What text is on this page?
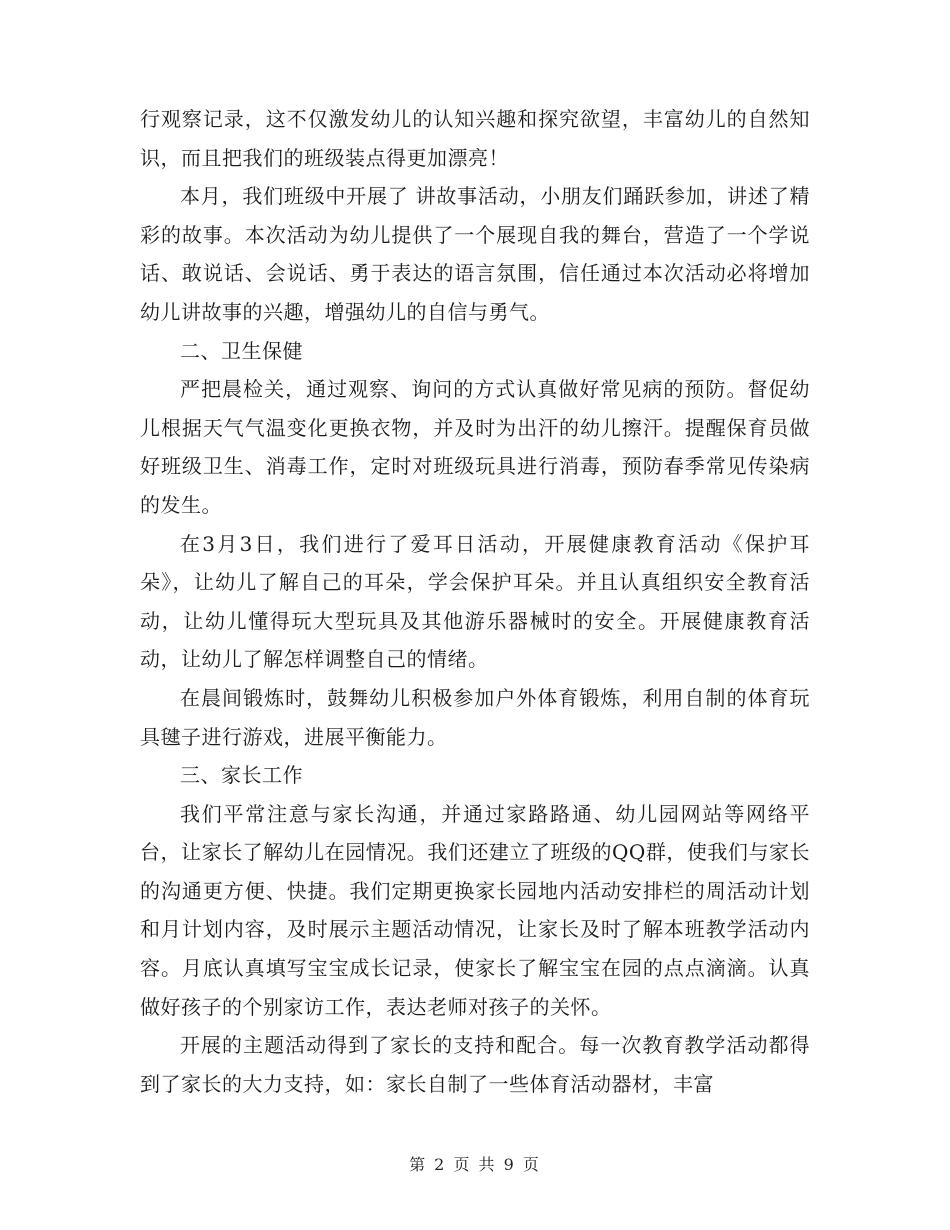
行观察记录，这不仅激发幼儿的认知兴趣和探究欲望，丰富幼儿的自然知识，而且把我们的班级装点得更加漂亮！

本月，我们班级中开展了 讲故事活动，小朋友们踊跃参加，讲述了精彩的故事。本次活动为幼儿提供了一个展现自我的舞台，营造了一个学说话、敢说话、会说话、勇于表达的语言氛围，信任通过本次活动必将增加幼儿讲故事的兴趣，增强幼儿的自信与勇气。

二、卫生保健

严把晨检关，通过观察、询问的方式认真做好常见病的预防。督促幼儿根据天气气温变化更换衣物，并及时为出汗的幼儿擦汗。提醒保育员做好班级卫生、消毒工作，定时对班级玩具进行消毒，预防春季常见传染病的发生。

在3月3日，我们进行了爱耳日活动，开展健康教育活动《保护耳朵》，让幼儿了解自己的耳朵，学会保护耳朵。并且认真组织安全教育活动，让幼儿懂得玩大型玩具及其他游乐器械时的安全。开展健康教育活动，让幼儿了解怎样调整自己的情绪。

在晨间锻炼时，鼓舞幼儿积极参加户外体育锻炼，利用自制的体育玩具毽子进行游戏，进展平衡能力。

三、家长工作

我们平常注意与家长沟通，并通过家路路通、幼儿园网站等网络平台，让家长了解幼儿在园情况。我们还建立了班级的QQ群，使我们与家长的沟通更方便、快捷。我们定期更换家长园地内活动安排栏的周活动计划和月计划内容，及时展示主题活动情况，让家长及时了解本班教学活动内容。月底认真填写宝宝成长记录，使家长了解宝宝在园的点点滴滴。认真做好孩子的个别家访工作，表达老师对孩子的关怀。

开展的主题活动得到了家长的支持和配合。每一次教育教学活动都得到了家长的大力支持，如：家长自制了一些体育活动器材，丰富

第 2 页 共 9 页
